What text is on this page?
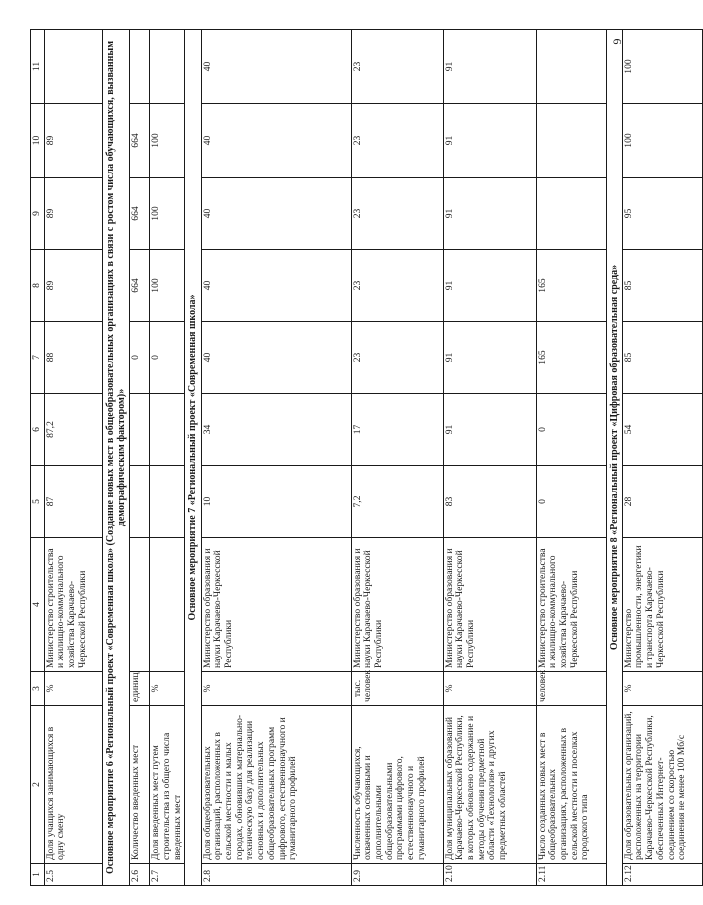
6
1	2	3	4	5	6	7	8	9	10	11
2.5	Доля учащихся занимающихся в одну смену	%	Министерство строительства и жилищно-коммунального хозяйства Карачаево-Черкесской Республики	87	87,2	88	89	89	89	
Основное мероприятие 6 «Региональный проект «Современная школа» (Создание новых мест в общеобразовательных организациях в связи с ростом числа обучающихся, вызванным демографическим фактором)»										
2.6	Количество введенных мест	единиц				0	664	664	664	
2.7	Доля введенных мест путем строительства из общего числа введенных мест	%				0	100	100	100	
Основное мероприятие 7 «Региональный проект «Современная школа»										
2.8	Доля общеобразовательных организаций, расположенных в сельской местности и малых городах, обновивших материально-техническую базу для реализации основных и дополнительных общеобразовательных программ цифрового, естественнонаучного и гуманитарного профилей	%	Министерство образования и науки Карачаево-Черкесской Республики	10	34	40	40	40	40	40
2.9	Численность обучающихся, охваченных основными и дополнительными общеобразовательными программами цифрового, естественнонаучного и гуманитарного профилей	тыс. человек	Министерство образования и науки Карачаево-Черкесской Республики	7,2	17	23	23	23	23	23
2.10	Доля муниципальных образований Карачаево-Черкесской Республики, в которых обновлено содержание и методы обучения предметной области «Технология» и других предметных областей	%	Министерство образования и науки Карачаево-Черкесской Республики	83	91	91	91	91	91	91
2.11	Число созданных новых мест в общеобразовательных организациях, расположенных в сельской местности и поселках городского типа	человек	Министерство строительства и жилищно-коммунального хозяйства Карачаево-Черкесской Республики	0	0	165	165			
Основное мероприятие 8 «Региональный проект «Цифровая образовательная среда»										
2.12	Доля образовательных организаций, расположенных на территории Карачаево-Черкесской Республики, обеспеченных Интернет-соединением со скоростью соединения не менее 100 Мб/с	%	Министерство промышленности, энергетики и транспорта Карачаево-Черкесской Республики	28	54	85	85	95	100	100
